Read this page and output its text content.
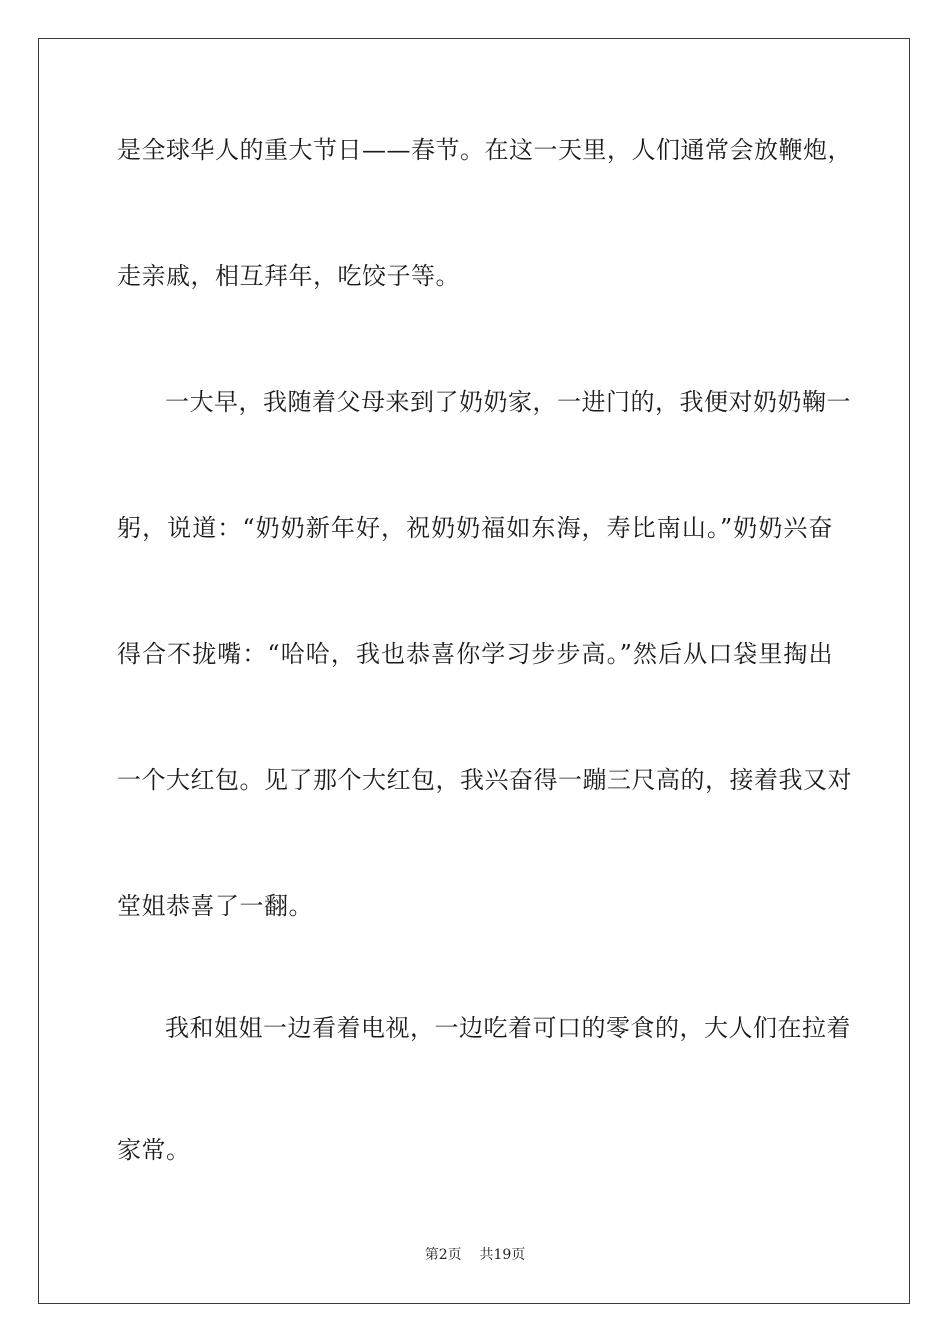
是全球华人的重大节日——春节。在这一天里，人们通常会放鞭炮，
走亲戚，相互拜年，吃饺子等。
一大早，我随着父母来到了奶奶家，一进门的，我便对奶奶鞠一
躬，说道：“奶奶新年好，祝奶奶福如东海，寿比南山。”奶奶兴奋
得合不拢嘴：“哈哈，我也恭喜你学习步步高。”然后从口袋里掏出
一个大红包。见了那个大红包，我兴奋得一蹦三尺高的，接着我又对
堂姐恭喜了一翻。
我和姐姐一边看着电视，一边吃着可口的零食的，大人们在拉着
家常。
第2页 共19页
